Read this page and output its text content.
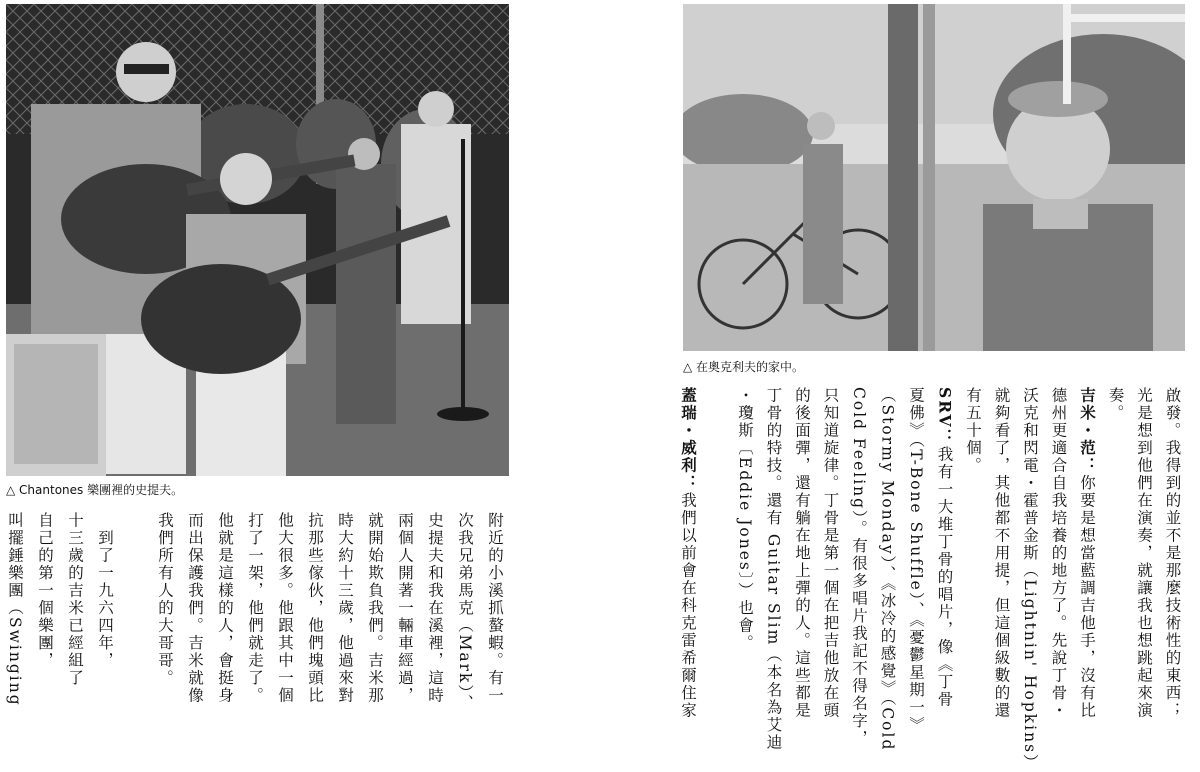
△ Chantones 樂團裡的史提夫。
△ 在奧克利夫的家中。
附近的小溪抓螯蝦。有一
次我兄弟馬克（Mark）、
史提夫和我在溪裡，這時
兩個人開著一輛車經過，
就開始欺負我們。吉米那
時大約十三歲，他過來對
抗那些傢伙，他們塊頭比
他大很多。他跟其中一個
打了一架，他們就走了。
他就是這樣的人，會挺身
而出保護我們。吉米就像
我們所有人的大哥哥。
　到了一九六四年，
十三歲的吉米已經組了
自己的第一個樂團，
叫擺錘樂團（Swinging	啟發。我得到的並不是那麼技術性的東西；
光是想到他們在演奏，就讓我也想跳起來演
奏。
吉米・范：你要是想當藍調吉他手，沒有比
德州更適合自我培養的地方了。先說丁骨・
沃克和閃電・霍普金斯（Lightnin' Hopkins）
就夠看了，其他都不用提，但這個級數的還
有五十個。
SRV：我有一大堆丁骨的唱片，像《丁骨
夏佛》（T-Bone Shuffle）、《憂鬱星期一》
（Stormy Monday）、《冰冷的感覺》（Cold
Cold Feeling）。有很多唱片我記不得名字，
只知道旋律。丁骨是第一個在把吉他放在頭
的後面彈，還有躺在地上彈的人。這些都是
丁骨的特技。還有 Guitar Slim（本名為艾迪
・瓊斯〔Eddie Jones〕）也會。
蓋瑞・威利：我們以前會在科克雷希爾住家
